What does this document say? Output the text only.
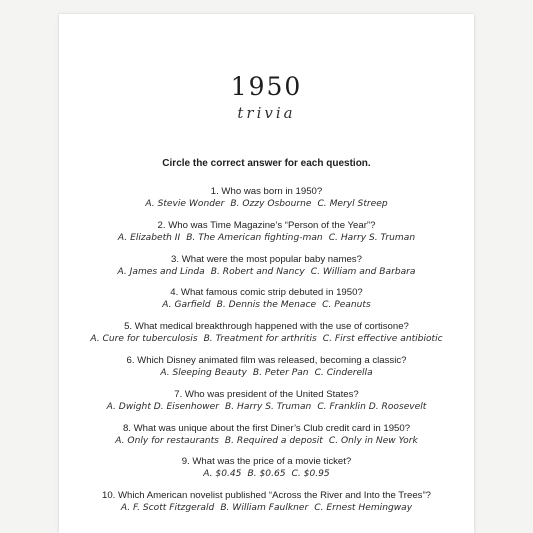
1950
trivia
Circle the correct answer for each question.
1. Who was born in 1950?
A. Stevie Wonder B. Ozzy Osbourne C. Meryl Streep
2. Who was Time Magazine’s “Person of the Year”?
A. Elizabeth II B. The American fighting-man C. Harry S. Truman
3. What were the most popular baby names?
A. James and Linda B. Robert and Nancy C. William and Barbara
4. What famous comic strip debuted in 1950?
A. Garfield B. Dennis the Menace C. Peanuts
5. What medical breakthrough happened with the use of cortisone?
A. Cure for tuberculosis B. Treatment for arthritis C. First effective antibiotic
6. Which Disney animated film was released, becoming a classic?
A. Sleeping Beauty B. Peter Pan C. Cinderella
7. Who was president of the United States?
A. Dwight D. Eisenhower B. Harry S. Truman C. Franklin D. Roosevelt
8. What was unique about the first Diner’s Club credit card in 1950?
A. Only for restaurants B. Required a deposit C. Only in New York
9. What was the price of a movie ticket?
A. $0.45 B. $0.65 C. $0.95
10. Which American novelist published “Across the River and Into the Trees”?
A. F. Scott Fitzgerald B. William Faulkner C. Ernest Hemingway
